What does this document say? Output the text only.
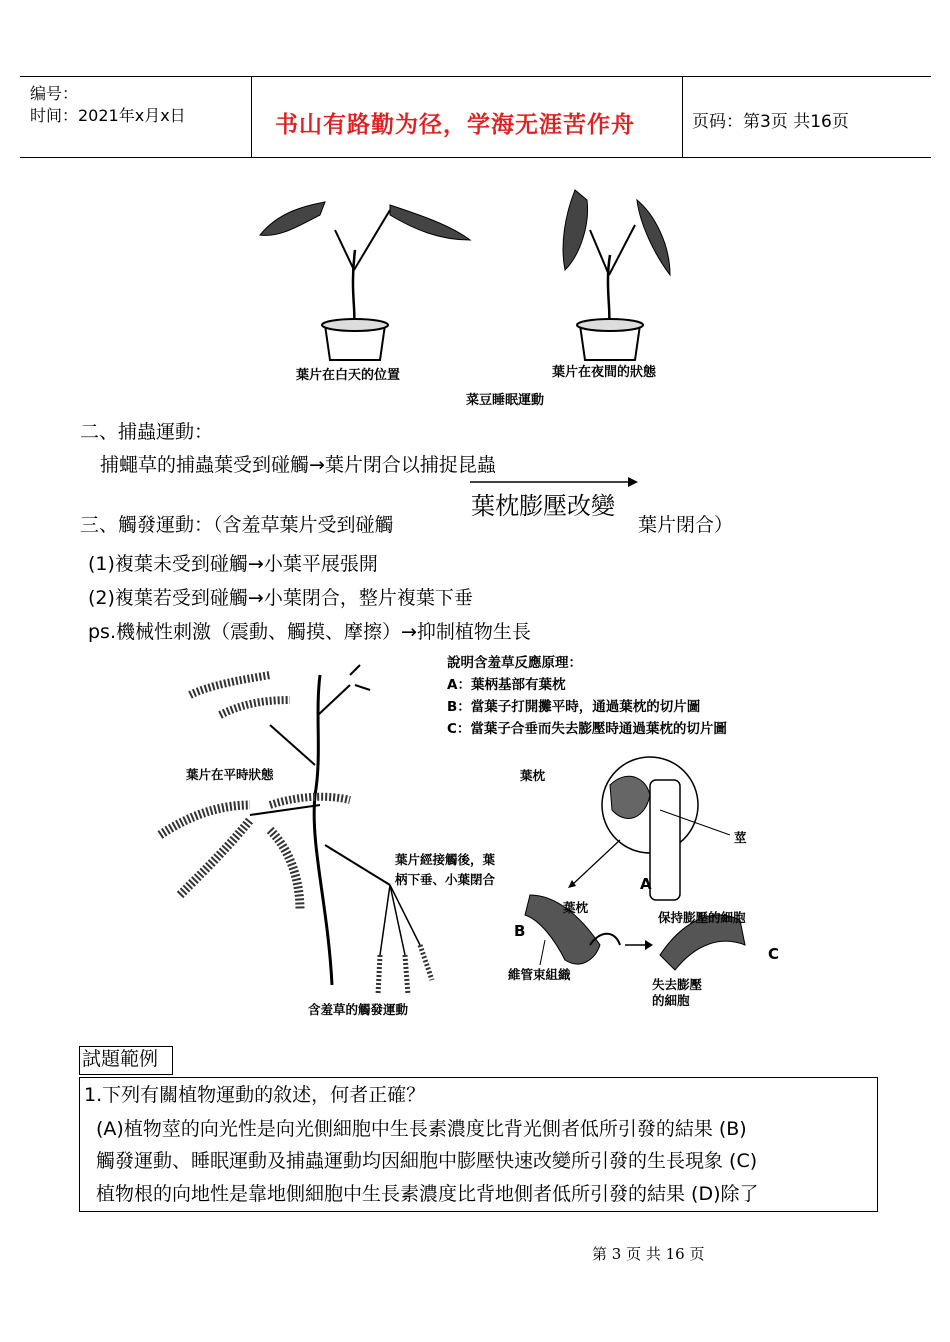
编号：
时间：2021年x月x日	书山有路勤为径，学海无涯苦作舟	页码：第3页 共16页
葉片在白天的位置	葉片在夜間的狀態
菜豆睡眠運動
二、捕蟲運動：
捕蠅草的捕蟲葉受到碰觸→葉片閉合以捕捉昆蟲
三、觸發運動：（含羞草葉片受到碰觸
葉枕膨壓改變
葉片閉合）
(1)複葉未受到碰觸→小葉平展張開
(2)複葉若受到碰觸→小葉閉合，整片複葉下垂
ps.機械性刺激（震動、觸摸、摩擦）→抑制植物生長
葉片在平時狀態
葉片經接觸後，葉
柄下垂、小葉閉合
含羞草的觸發運動
說明含羞草反應原理：
A：葉柄基部有葉枕
B：當葉子打開攤平時，通過葉枕的切片圖
C：當葉子合垂而失去膨壓時通過葉枕的切片圖
葉枕
莖
A
葉枕
B
維管束組織
保持膨壓的細胞
C
失去膨壓
的細胞
試題範例
1.下列有關植物運動的敘述，何者正確？
(A)植物莖的向光性是向光側細胞中生長素濃度比背光側者低所引發的結果 (B)
觸發運動、睡眠運動及捕蟲運動均因細胞中膨壓快速改變所引發的生長現象 (C)
植物根的向地性是靠地側細胞中生長素濃度比背地側者低所引發的結果 (D)除了
第 3 页 共 16 页
